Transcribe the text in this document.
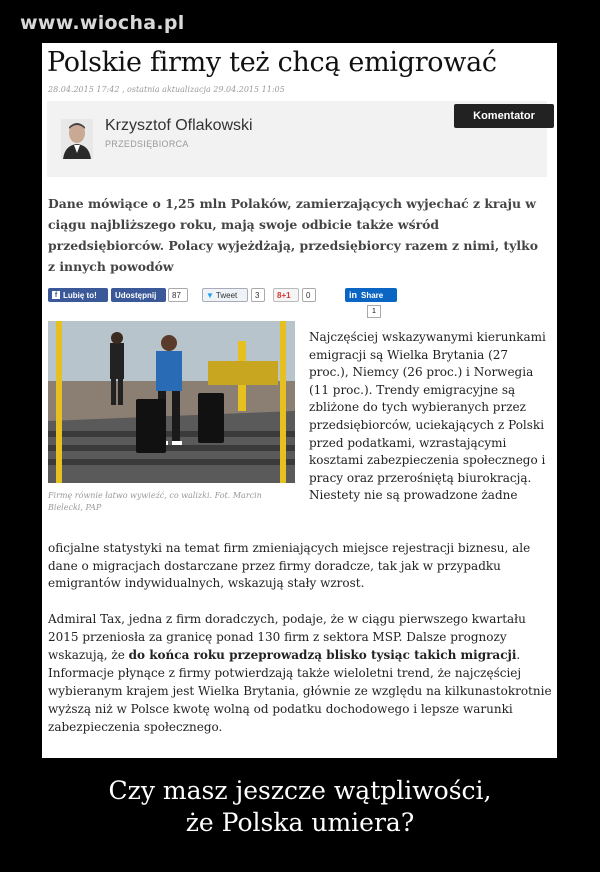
www.wiocha.pl
Polskie firmy też chcą emigrować
28.04.2015 17:42 , ostatnia aktualizacja 29.04.2015 11:05
Krzysztof Oflakowski
PRZEDSIĘBIORCA
Komentator

Dane mówiące o 1,25 mln Polaków, zamierzających wyjechać z kraju w ciągu najbliższego roku, mają swoje odbicie także wśród przedsiębiorców. Polacy wyjeżdżają, przedsiębiorcy razem z nimi, tylko z innych powodów

f Lubię to! Udostępnij	87	▼ Tweet	3	8+1	0	in Share
1

Firmę równie łatwo wywieźć, co walizki. Fot. Marcin Bielecki, PAP

Najczęściej wskazywanymi kierunkami emigracji są Wielka Brytania (27 proc.), Niemcy (26 proc.) i Norwegia (11 proc.). Trendy emigracyjne są zbliżone do tych wybieranych przez przedsiębiorców, uciekających z Polski przed podatkami, wzrastającymi kosztami zabezpieczenia społecznego i pracy oraz przerośniętą biurokracją. Niestety nie są prowadzone żadne

oficjalne statystyki na temat firm zmieniających miejsce rejestracji biznesu, ale dane o migracjach dostarczane przez firmy doradcze, tak jak w przypadku emigrantów indywidualnych, wskazują stały wzrost.

Admiral Tax, jedna z firm doradczych, podaje, że w ciągu pierwszego kwartału 2015 przeniosła za granicę ponad 130 firm z sektora MSP. Dalsze prognozy wskazują, że do końca roku przeprowadzą blisko tysiąc takich migracji. Informacje płynące z firmy potwierdzają także wieloletni trend, że najczęściej wybieranym krajem jest Wielka Brytania, głównie ze względu na kilkunastokrotnie wyższą niż w Polsce kwotę wolną od podatku dochodowego i lepsze warunki zabezpieczenia społecznego.

Czy masz jeszcze wątpliwości,
że Polska umiera?
